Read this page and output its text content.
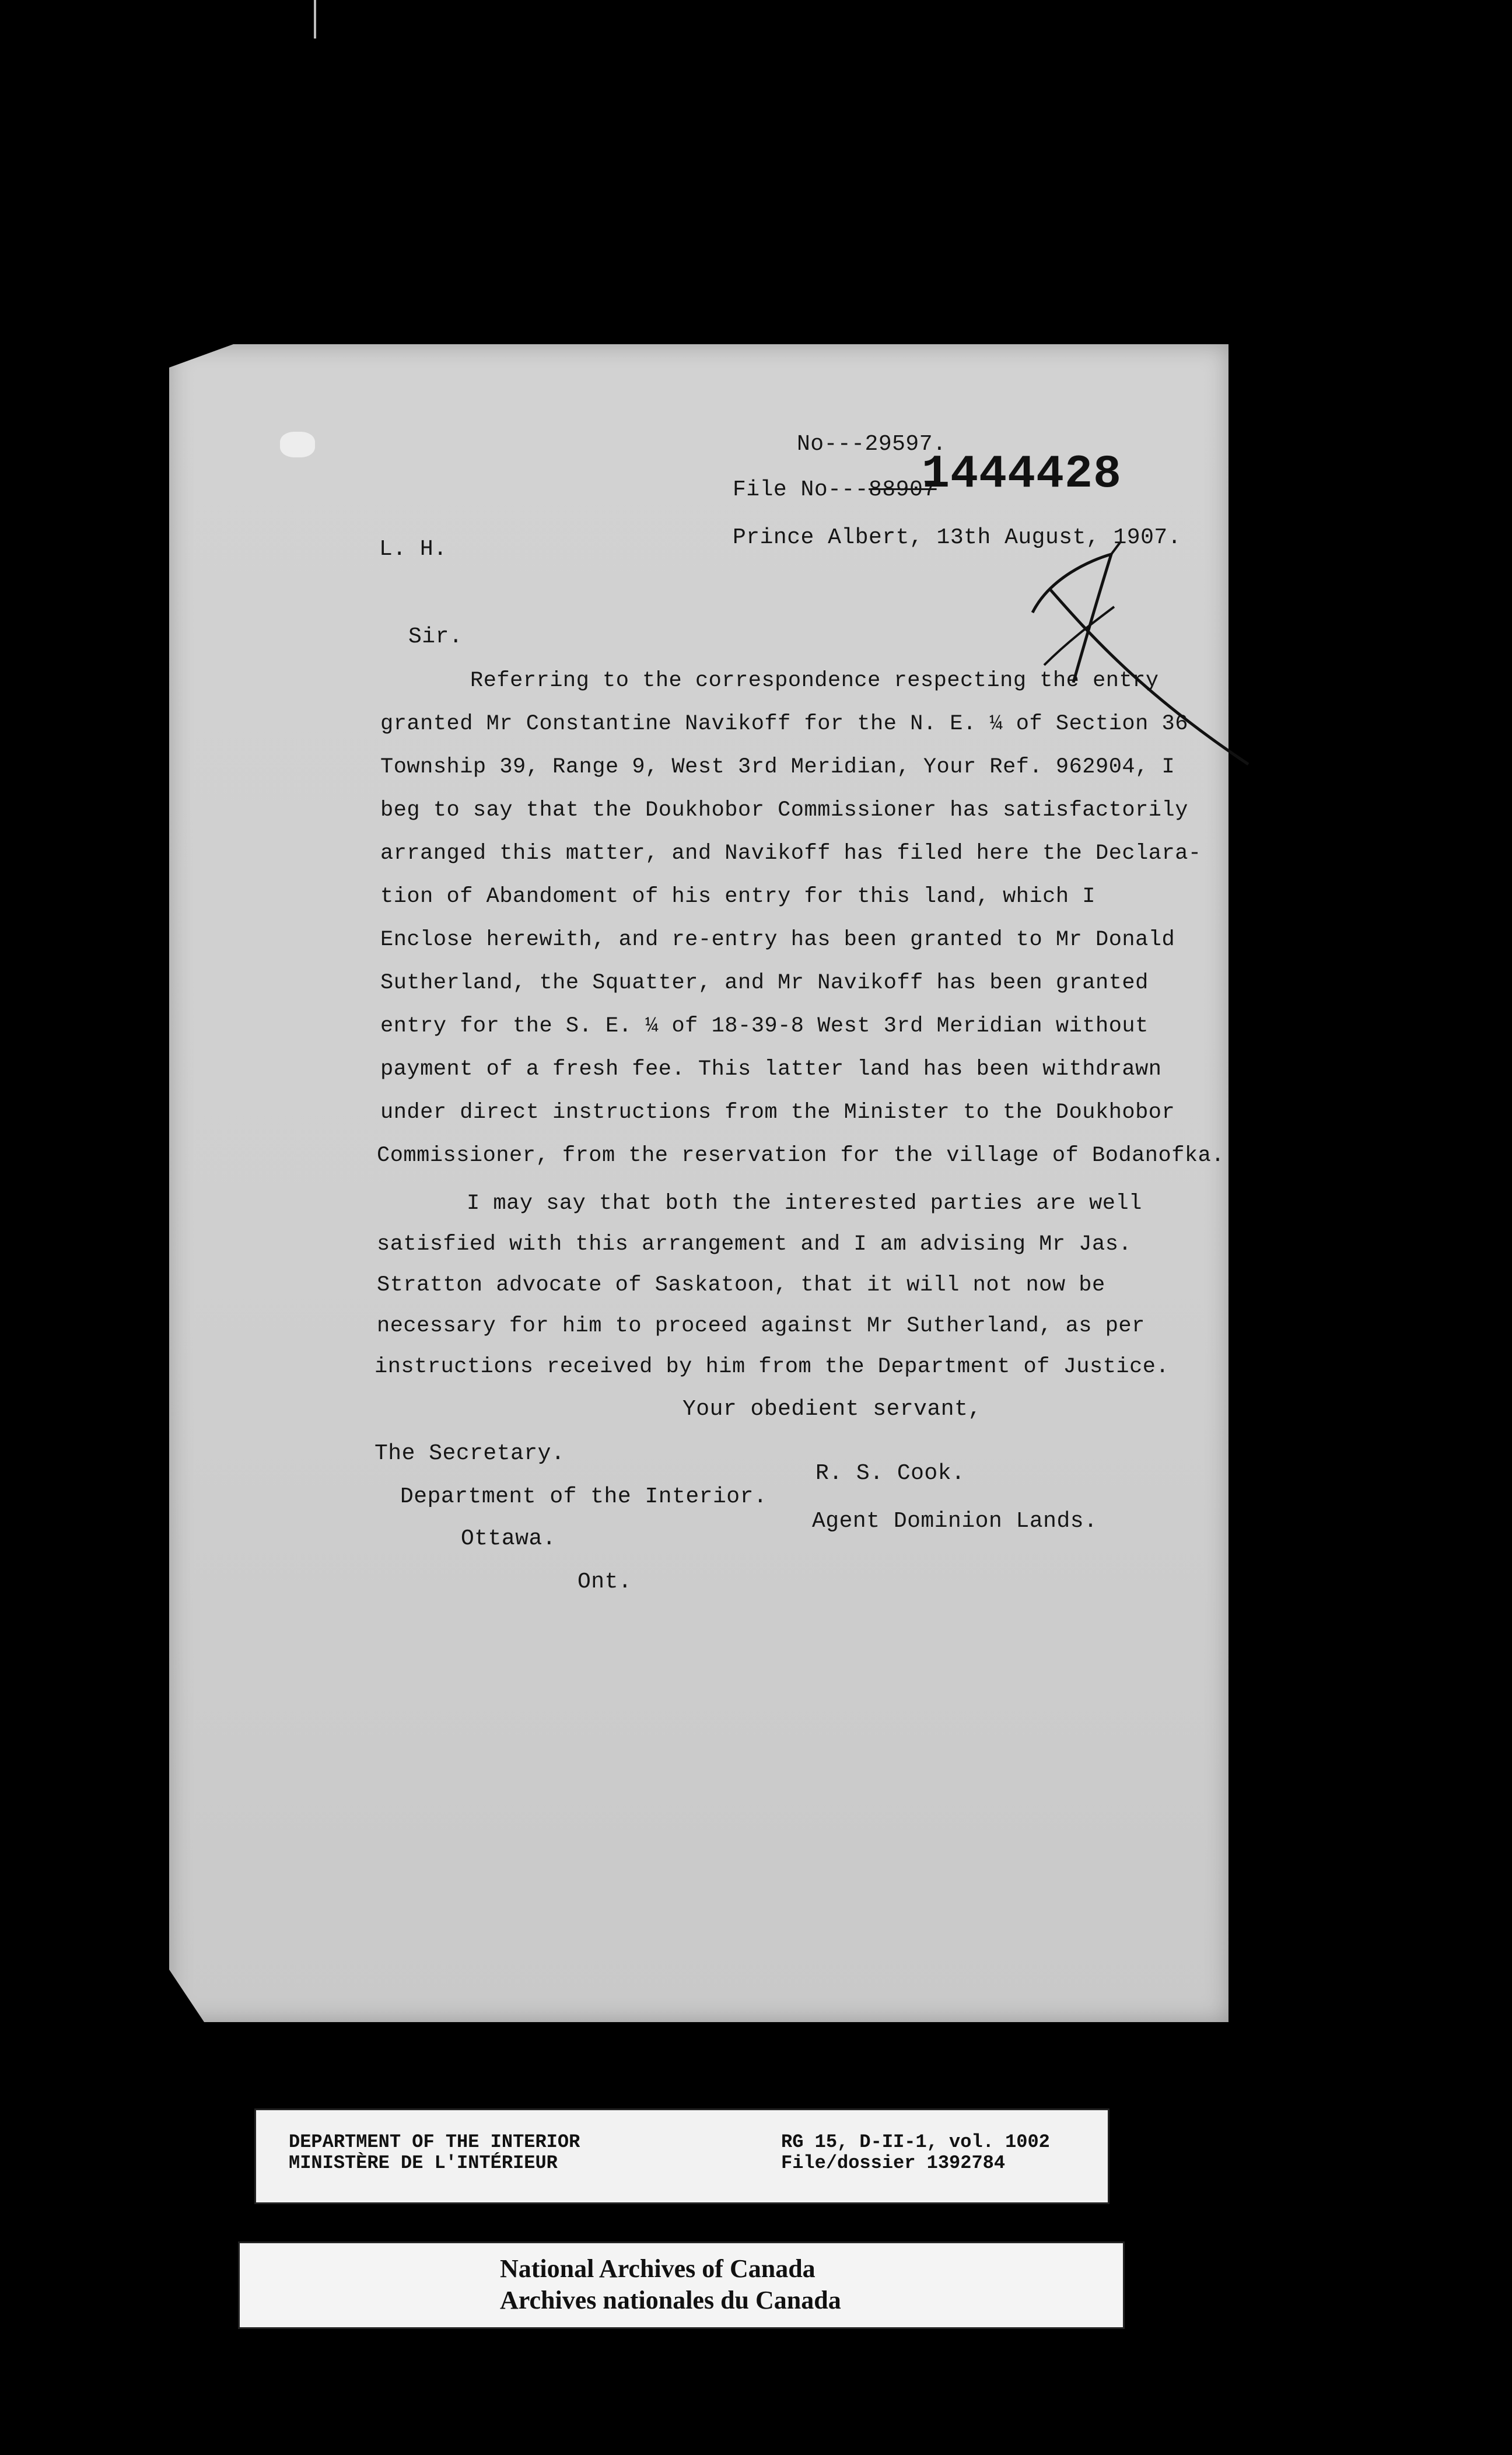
No---29597.
File No---88907
1444428
L. H.	Prince Albert, 13th August, 1907.
Sir.
Referring to the correspondence respecting the entry
granted Mr Constantine Navikoff for the N. E. ¼ of Section 36
Township 39, Range 9, West 3rd Meridian, Your Ref. 962904, I
beg to say that the Doukhobor Commissioner has satisfactorily
arranged this matter, and Navikoff has filed here the Declara-
tion of Abandoment of his entry for this land, which I
Enclose herewith, and re-entry has been granted to Mr Donald
Sutherland, the Squatter, and Mr Navikoff has been granted
entry for the S. E. ¼ of 18-39-8 West 3rd Meridian without
payment of a fresh fee. This latter land has been withdrawn
under direct instructions from the Minister to the Doukhobor
Commissioner, from the reservation for the village of Bodanofka.
I may say that both the interested parties are well
satisfied with this arrangement and I am advising Mr Jas.
Stratton advocate of Saskatoon, that it will not now be
necessary for him to proceed against Mr Sutherland, as per
instructions received by him from the Department of Justice.
Your obedient servant,
The Secretary.
R. S. Cook.
Department of the Interior.
Agent Dominion Lands.
Ottawa.
Ont.
DEPARTMENT OF THE INTERIOR
MINISTÈRE DE L'INTÉRIEUR
RG 15, D-II-1, vol. 1002
File/dossier 1392784
National Archives of Canada
Archives nationales du Canada
